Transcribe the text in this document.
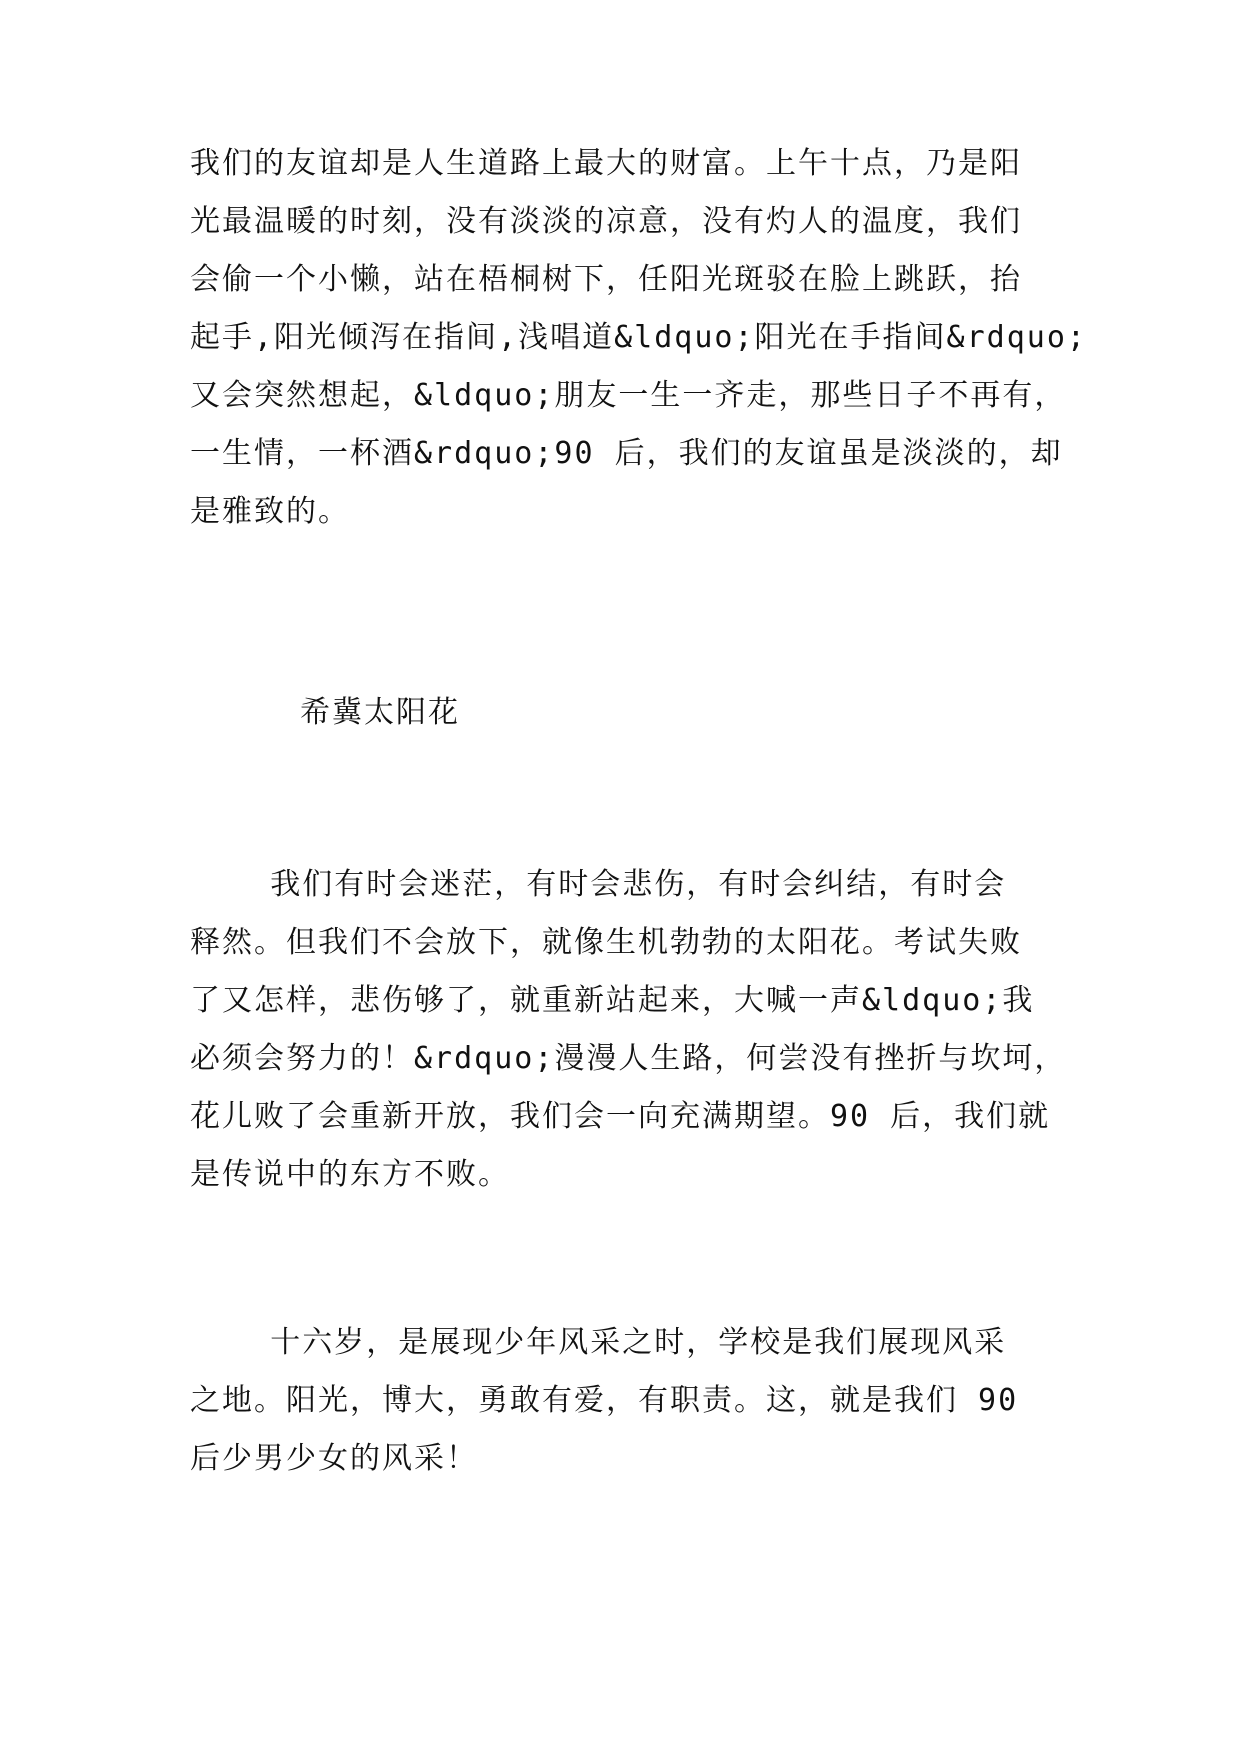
我们的友谊却是人生道路上最大的财富。上午十点，乃是阳
光最温暖的时刻，没有淡淡的凉意，没有灼人的温度，我们
会偷一个小懒，站在梧桐树下，任阳光斑驳在脸上跳跃，抬
起手,阳光倾泻在指间,浅唱道&ldquo;阳光在手指间&rdquo;
又会突然想起，&ldquo;朋友一生一齐走，那些日子不再有，
一生情，一杯酒&rdquo;90 后，我们的友谊虽是淡淡的，却
是雅致的。
希冀太阳花
我们有时会迷茫，有时会悲伤，有时会纠结，有时会
释然。但我们不会放下，就像生机勃勃的太阳花。考试失败
了又怎样，悲伤够了，就重新站起来，大喊一声&ldquo;我
必须会努力的！&rdquo;漫漫人生路，何尝没有挫折与坎坷，
花儿败了会重新开放，我们会一向充满期望。90 后，我们就
是传说中的东方不败。
十六岁，是展现少年风采之时，学校是我们展现风采
之地。阳光，博大，勇敢有爱，有职责。这，就是我们 90
后少男少女的风采！
